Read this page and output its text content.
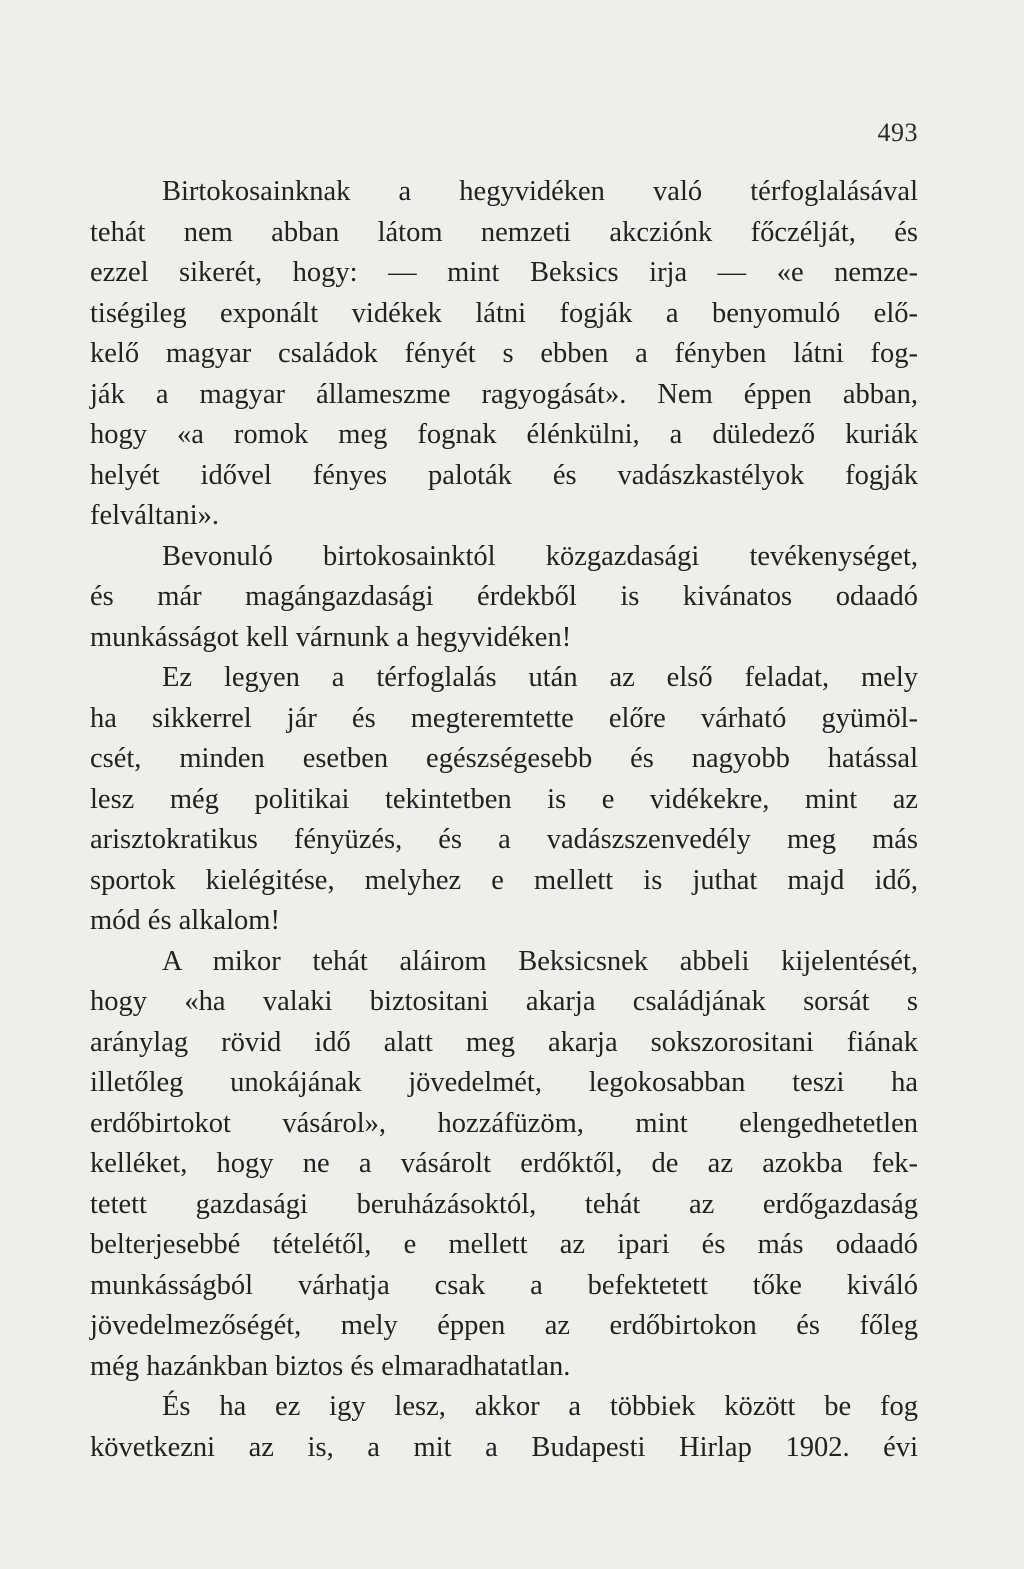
493
Birtokosainknak a hegyvidéken való térfoglalásával
tehát nem abban látom nemzeti akcziónk főczélját, és
ezzel sikerét, hogy: — mint Beksics irja — «e nemze-
tiségileg exponált vidékek látni fogják a benyomuló elő-
kelő magyar családok fényét s ebben a fényben látni fog-
ják a magyar állameszme ragyogását». Nem éppen abban,
hogy «a romok meg fognak élénkülni, a düledező kuriák
helyét idővel fényes paloták és vadászkastélyok fogják
felváltani».
Bevonuló birtokosainktól közgazdasági tevékenységet,
és már magángazdasági érdekből is kivánatos odaadó
munkásságot kell várnunk a hegyvidéken!
Ez legyen a térfoglalás után az első feladat, mely
ha sikkerrel jár és megteremtette előre várható gyümöl-
csét, minden esetben egészségesebb és nagyobb hatással
lesz még politikai tekintetben is e vidékekre, mint az
arisztokratikus fényüzés, és a vadászszenvedély meg más
sportok kielégitése, melyhez e mellett is juthat majd idő,
mód és alkalom!
A mikor tehát aláirom Beksicsnek abbeli kijelentését,
hogy «ha valaki biztositani akarja családjának sorsát s
aránylag rövid idő alatt meg akarja sokszorositani fiának
illetőleg unokájának jövedelmét, legokosabban teszi ha
erdőbirtokot vásárol», hozzáfüzöm, mint elengedhetetlen
kelléket, hogy ne a vásárolt erdőktől, de az azokba fek-
tetett gazdasági beruházásoktól, tehát az erdőgazdaság
belterjesebbé tételétől, e mellett az ipari és más odaadó
munkásságból várhatja csak a befektetett tőke kiváló
jövedelmezőségét, mely éppen az erdőbirtokon és főleg
még hazánkban biztos és elmaradhatatlan.
És ha ez igy lesz, akkor a többiek között be fog
következni az is, a mit a Budapesti Hirlap 1902. évi
